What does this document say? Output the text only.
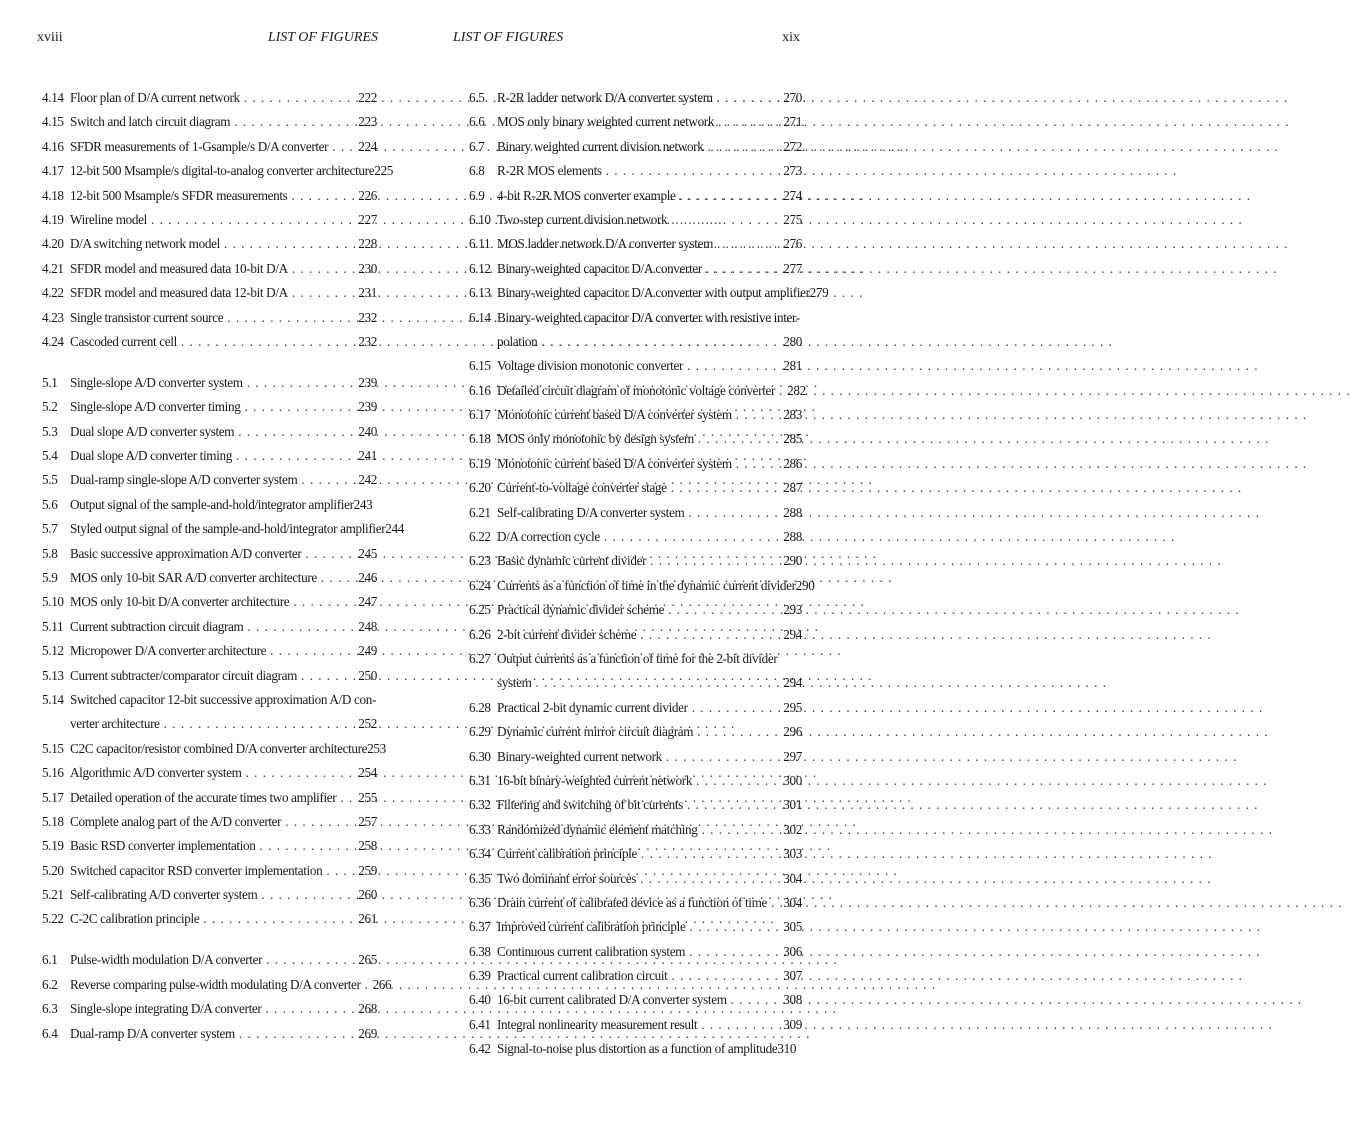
xviii	LIST OF FIGURES
4.14 Floor plan of D/A current network . . .	222
4.15 Switch and latch circuit diagram . . .	223
4.16 SFDR measurements of 1-Gsample/s D/A converter . . . 224
4.17 12-bit 500 Msample/s digital-to-analog converter architecture 225
4.18 12-bit 500 Msample/s SFDR measurements . . .	226
4.19 Wireline model . . .	227
4.20 D/A switching network model . . .	228
4.21 SFDR model and measured data 10-bit D/A . . .	230
4.22 SFDR model and measured data 12-bit D/A . . .	231
4.23 Single transistor current source . . .	232
4.24 Cascoded current cell . . .	232
5.1 Single-slope A/D converter system . . .	239
5.2 Single-slope A/D converter timing . . .	239
5.3 Dual slope A/D converter system . . .	240
5.4 Dual slope A/D converter timing . . .	241
5.5 Dual-ramp single-slope A/D converter system . . .	242
5.6 Output signal of the sample-and-hold/integrator amplifier 243
5.7 Styled output signal of the sample-and-hold/integrator amplifier 244
5.8 Basic successive approximation A/D converter . . .	245
5.9 MOS only 10-bit SAR A/D converter architecture . . .	246
5.10 MOS only 10-bit D/A converter architecture . . .	247
5.11 Current subtraction circuit diagram . . .	248
5.12 Micropower D/A converter architecture . . .	249
5.13 Current subtracter/comparator circuit diagram . . .	250
5.14 Switched capacitor 12-bit successive approximation A/D con-
verter architecture . . .	252
5.15 C2C capacitor/resistor combined D/A converter architecture 253
5.16 Algorithmic A/D converter system . . .	254
5.17 Detailed operation of the accurate times two amplifier . . . 255
5.18 Complete analog part of the A/D converter . . .	257
5.19 Basic RSD converter implementation . . .	258
5.20 Switched capacitor RSD converter implementation . . .	259
5.21 Self-calibrating A/D converter system . . .	260
5.22 C-2C calibration principle . . .	261
6.1 Pulse-width modulation D/A converter . . .	265
6.2 Reverse comparing pulse-width modulating D/A converter . . . 266
6.3 Single-slope integrating D/A converter . . .	268
6.4 Dual-ramp D/A converter system . . .	269
LIST OF FIGURES	xix
6.5 R-2R ladder network D/A converter system . . .	270
6.6 MOS only binary weighted current network . . .	271
6.7 Binary weighted current division network . . .	272
6.8 R-2R MOS elements . . .	273
6.9 4-bit R-2R MOS converter example . . .	274
6.10 Two-step current division network . . .	275
6.11 MOS ladder network D/A converter system . . .	276
6.12 Binary-weighted capacitor D/A converter . . .	277
6.13 Binary-weighted capacitor D/A converter with output amplifier 279
6.14 Binary-weighted capacitor D/A converter with resistive inter-
polation . . .	280
6.15 Voltage division monotonic converter . . .	281
6.16 Detailed circuit diagram of monotonic voltage converter . . . 282
6.17 Monotonic current based D/A converter system . . .	283
6.18 MOS only monotonic by design system . . .	285
6.19 Monotonic current based D/A converter system . . .	286
6.20 Current-to-voltage converter stage . . .	287
6.21 Self-calibrating D/A converter system . . .	288
6.22 D/A correction cycle . . .	288
6.23 Basic dynamic current divider . . .	290
6.24 Currents as a function of time in the dynamic current divider 290
6.25 Practical dynamic divider scheme . . .	293
6.26 2-bit current divider scheme . . .	294
6.27 Output currents as a function of time for the 2-bit divider
system . . .	294
6.28 Practical 2-bit dynamic current divider . . .	295
6.29 Dynamic current mirror circuit diagram . . .	296
6.30 Binary-weighted current network . . .	297
6.31 16-bit binary-weighted current network . . .	300
6.32 Filtering and switching of bit currents . . .	301
6.33 Randomized dynamic element matching . . .	302
6.34 Current calibration principle . . .	303
6.35 Two dominant error sources . . .	304
6.36 Drain current of calibrated device as a function of time . . . 304
6.37 Improved current calibration principle . . .	305
6.38 Continuous current calibration system . . .	306
6.39 Practical current calibration circuit . . .	307
6.40 16-bit current calibrated D/A converter system . . .	308
6.41 Integral nonlinearity measurement result . . .	309
6.42 Signal-to-noise plus distortion as a function of amplitude 310
